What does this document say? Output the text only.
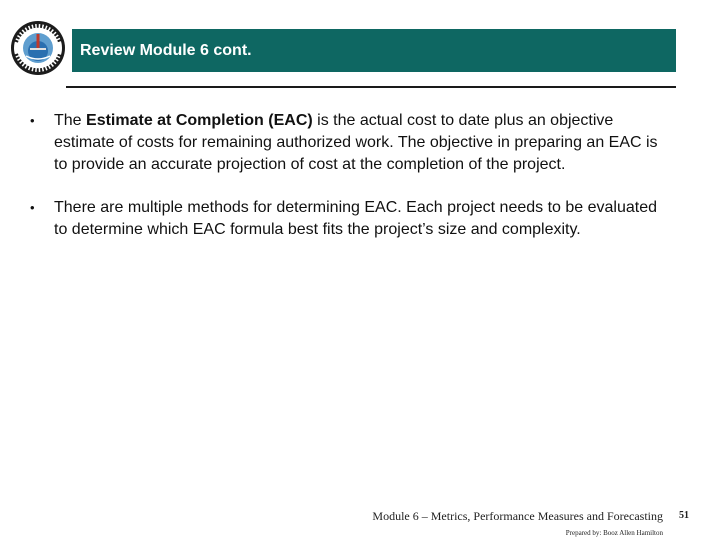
Review Module 6 cont.
•	The Estimate at Completion (EAC) is the actual cost to date plus an objective estimate of costs for remaining authorized work. The objective in preparing an EAC is to provide an accurate projection of cost at the completion of the project.
•	There are multiple methods for determining EAC. Each project needs to be evaluated to determine which EAC formula best fits the project’s size and complexity.
Module 6 – Metrics, Performance Measures and Forecasting
Prepared by: Booz Allen Hamilton
51
